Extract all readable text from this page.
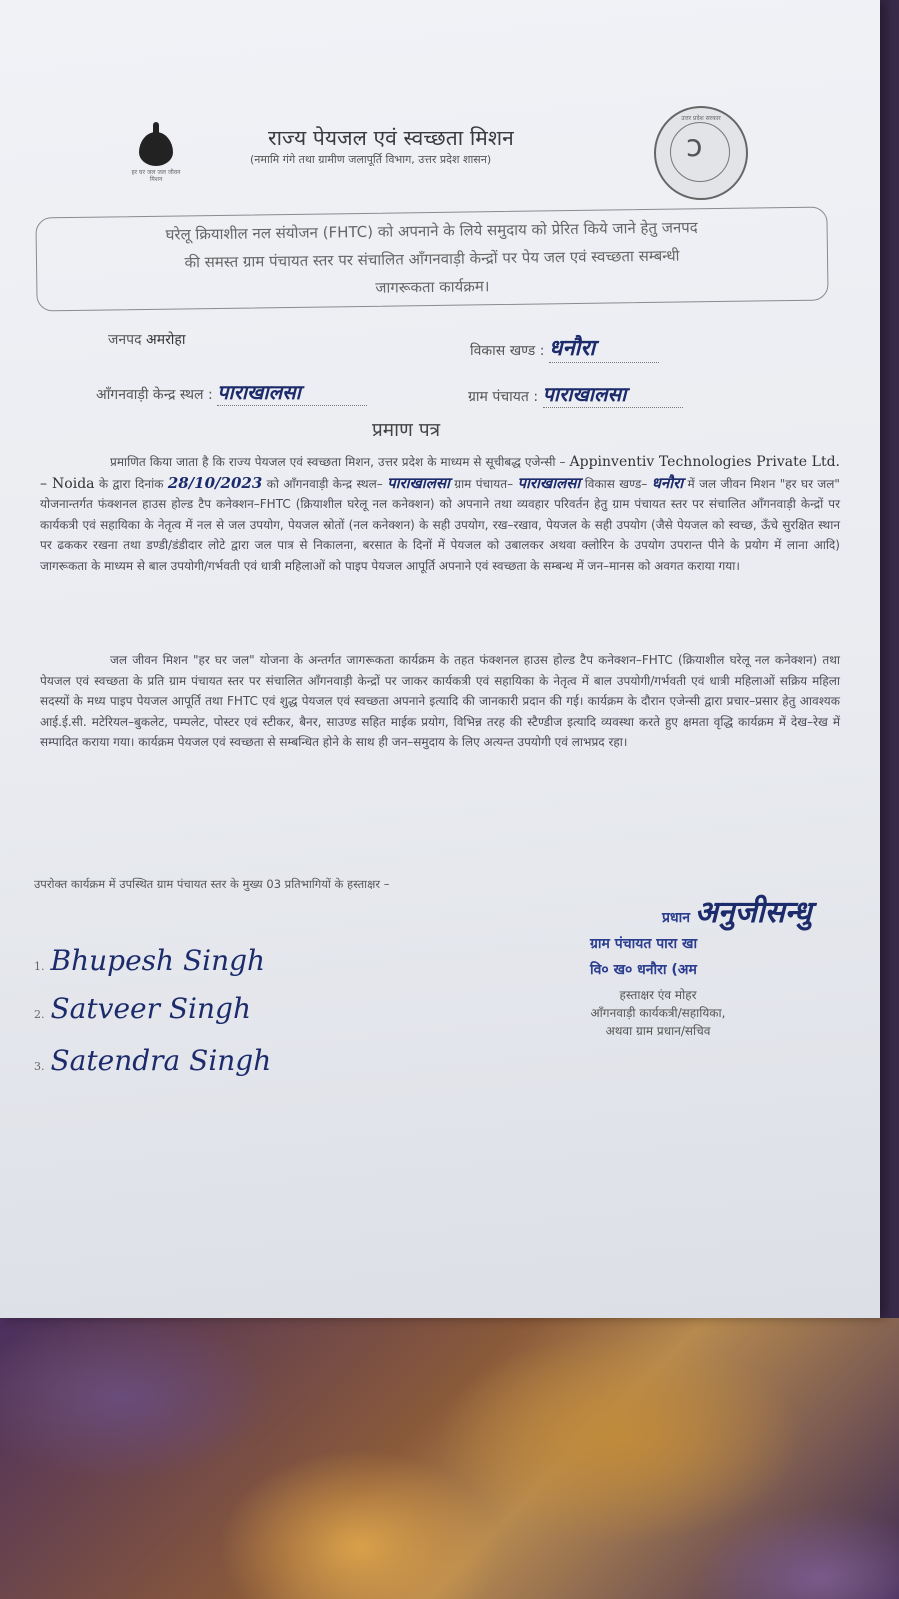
हर घर जल जल जीवन मिशन
राज्य पेयजल एवं स्वच्छता मिशन
(नमामि गंगे तथा ग्रामीण जलापूर्ति विभाग, उत्तर प्रदेश शासन)
उत्तर प्रदेश सरकार
ↄ
घरेलू क्रियाशील नल संयोजन (FHTC) को अपनाने के लिये समुदाय को प्रेरित किये जाने हेतु जनपद
की समस्त ग्राम पंचायत स्तर पर संचालित आँगनवाड़ी केन्द्रों पर पेय जल एवं स्वच्छता सम्बन्धी
जागरूकता कार्यक्रम।
जनपद अमरोहा
विकास खण्ड : धनौरा
आँगनवाड़ी केन्द्र स्थल : पाराखालसा	ग्राम पंचायत : पाराखालसा
प्रमाण पत्र

प्रमाणित किया जाता है कि राज्य पेयजल एवं स्वच्छता मिशन, उत्तर प्रदेश के माध्यम से सूचीबद्ध एजेन्सी – Appinventiv Technologies Private Ltd. – Noida के द्वारा दिनांक 28/10/2023 को आँगनवाड़ी केन्द्र स्थल– पाराखालसा ग्राम पंचायत– पाराखालसा विकास खण्ड– धनौरा में जल जीवन मिशन "हर घर जल" योजनान्तर्गत फंक्शनल हाउस होल्ड टैप कनेक्शन–FHTC (क्रियाशील घरेलू नल कनेक्शन) को अपनाने तथा व्यवहार परिवर्तन हेतु ग्राम पंचायत स्तर पर संचालित आँगनवाड़ी केन्द्रों पर कार्यकत्री एवं सहायिका के नेतृत्व में नल से जल उपयोग, पेयजल स्रोतों (नल कनेक्शन) के सही उपयोग, रख–रखाव, पेयजल के सही उपयोग (जैसे पेयजल को स्वच्छ, ऊँचे सुरक्षित स्थान पर ढककर रखना तथा डण्डी/डंडीदार लोटे द्वारा जल पात्र से निकालना, बरसात के दिनों में पेयजल को उबालकर अथवा क्लोरिन के उपयोग उपरान्त पीने के प्रयोग में लाना आदि) जागरूकता के माध्यम से बाल उपयोगी/गर्भवती एवं धात्री महिलाओं को पाइप पेयजल आपूर्ति अपनाने एवं स्वच्छता के सम्बन्ध में जन–मानस को अवगत कराया गया।

जल जीवन मिशन "हर घर जल" योजना के अन्तर्गत जागरूकता कार्यक्रम के तहत फंक्शनल हाउस होल्ड टैप कनेक्शन–FHTC (क्रियाशील घरेलू नल कनेक्शन) तथा पेयजल एवं स्वच्छता के प्रति ग्राम पंचायत स्तर पर संचालित आँगनवाड़ी केन्द्रों पर जाकर कार्यकत्री एवं सहायिका के नेतृत्व में बाल उपयोगी/गर्भवती एवं धात्री महिलाओं सक्रिय महिला सदस्यों के मध्य पाइप पेयजल आपूर्ति तथा FHTC एवं शुद्ध पेयजल एवं स्वच्छता अपनाने इत्यादि की जानकारी प्रदान की गई। कार्यक्रम के दौरान एजेन्सी द्वारा प्रचार–प्रसार हेतु आवश्यक आई.ई.सी. मटेरियल–बुकलेट, पम्पलेट, पोस्टर एवं स्टीकर, बैनर, साउण्ड सहित माईक प्रयोग, विभिन्न तरह की स्टैण्डीज इत्यादि व्यवस्था करते हुए क्षमता वृद्धि कार्यक्रम में देख–रेख में सम्पादित कराया गया। कार्यक्रम पेयजल एवं स्वच्छता से सम्बन्धित होने के साथ ही जन–समुदाय के लिए अत्यन्त उपयोगी एवं लाभप्रद रहा।

उपरोक्त कार्यक्रम में उपस्थित ग्राम पंचायत स्तर के मुख्य 03 प्रतिभागियों के हस्ताक्षर –
1. Bhupesh Singh
2. Satveer Singh
3. Satendra Singh
प्रधान अनुजीसन्धु
ग्राम पंचायत पारा खा
वि० ख० धनौरा (अम
हस्ताक्षर एंव मोहर
आँगनवाड़ी कार्यकत्री/सहायिका,
अथवा ग्राम प्रधान/सचिव
